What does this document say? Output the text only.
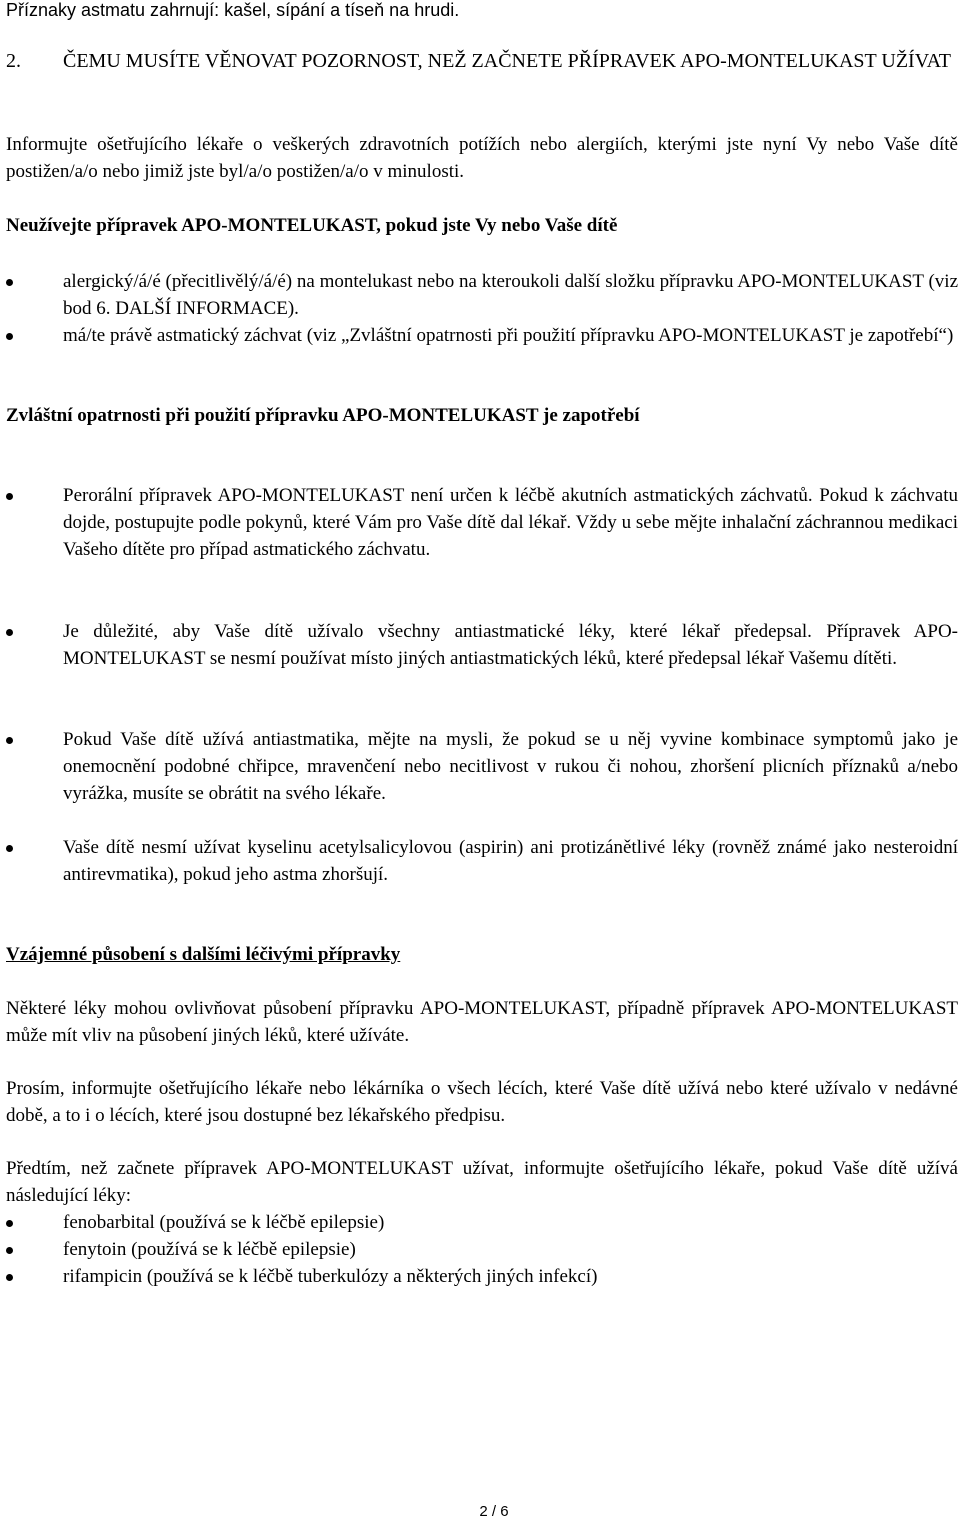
Příznaky astmatu zahrnují: kašel, sípání a tíseň na hrudi.

2. ČEMU MUSÍTE VĚNOVAT POZORNOST, NEŽ ZAČNETE PŘÍPRAVEK APO-MONTELUKAST UŽÍVAT

Informujte ošetřujícího lékaře o veškerých zdravotních potížích nebo alergiích, kterými jste nyní Vy nebo Vaše dítě postižen/a/o nebo jimiž jste byl/a/o postižen/a/o v minulosti.

Neužívejte přípravek APO-MONTELUKAST, pokud jste Vy nebo Vaše dítě

alergický/á/é (přecitlivělý/á/é) na montelukast nebo na kteroukoli další složku přípravku APO-MONTELUKAST (viz bod 6. DALŠÍ INFORMACE).
má/te právě astmatický záchvat (viz „Zvláštní opatrnosti při použití přípravku APO-MONTELUKAST je zapotřebí“)

Zvláštní opatrnosti při použití přípravku APO-MONTELUKAST je zapotřebí

Perorální přípravek APO-MONTELUKAST není určen k léčbě akutních astmatických záchvatů. Pokud k záchvatu dojde, postupujte podle pokynů, které Vám pro Vaše dítě dal lékař. Vždy u sebe mějte inhalační záchrannou medikaci Vašeho dítěte pro případ astmatického záchvatu.
Je důležité, aby Vaše dítě užívalo všechny antiastmatické léky, které lékař předepsal. Přípravek APO-MONTELUKAST se nesmí používat místo jiných antiastmatických léků, které předepsal lékař Vašemu dítěti.
Pokud Vaše dítě užívá antiastmatika, mějte na mysli, že pokud se u něj vyvine kombinace symptomů jako je onemocnění podobné chřipce, mravenčení nebo necitlivost v rukou či nohou, zhoršení plicních příznaků a/nebo vyrážka, musíte se obrátit na svého lékaře.
Vaše dítě nesmí užívat kyselinu acetylsalicylovou (aspirin) ani protizánětlivé léky (rovněž známé jako nesteroidní antirevmatika), pokud jeho astma zhoršují.

Vzájemné působení s dalšími léčivými přípravky

Některé léky mohou ovlivňovat působení přípravku APO-MONTELUKAST, případně přípravek APO-MONTELUKAST může mít vliv na působení jiných léků, které užíváte.

Prosím, informujte ošetřujícího lékaře nebo lékárníka o všech lécích, které Vaše dítě užívá nebo které užívalo v nedávné době, a to i o lécích, které jsou dostupné bez lékařského předpisu.

Předtím, než začnete přípravek APO-MONTELUKAST užívat, informujte ošetřujícího lékaře, pokud Vaše dítě užívá následující léky:

fenobarbital (používá se k léčbě epilepsie)
fenytoin (používá se k léčbě epilepsie)
rifampicin (používá se k léčbě tuberkulózy a některých jiných infekcí)
2 / 6
